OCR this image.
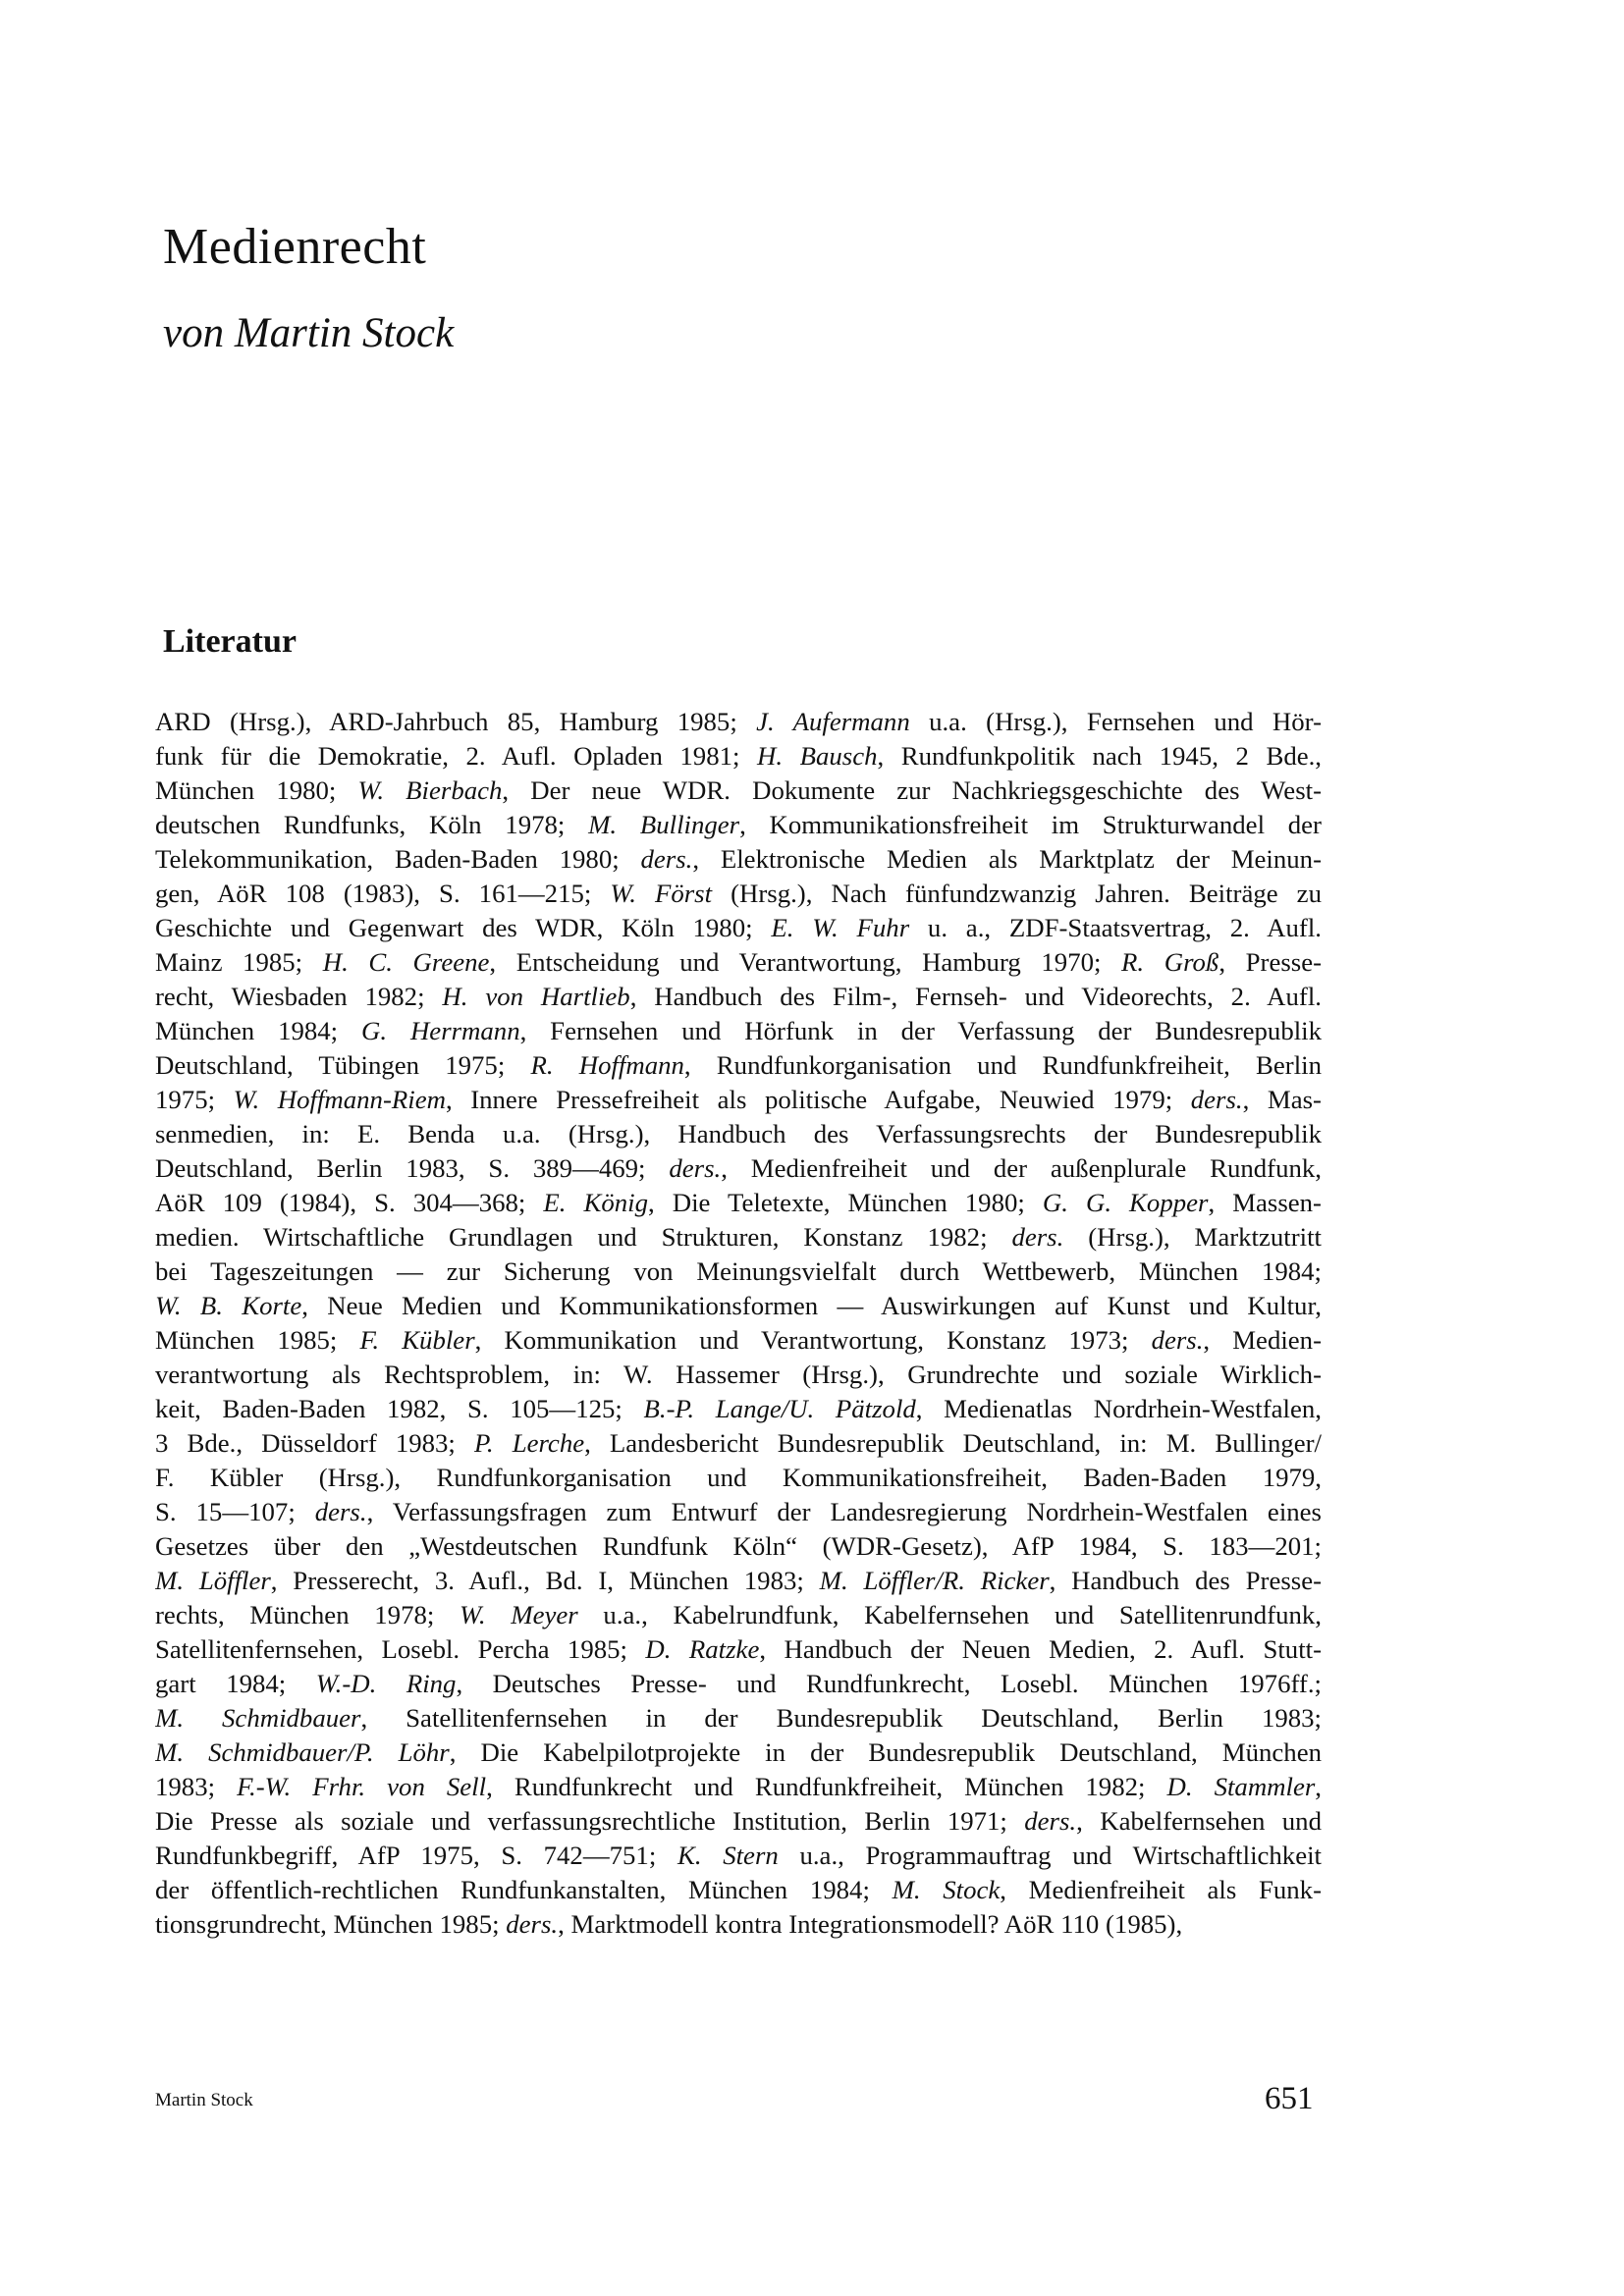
Medienrecht
von Martin Stock
Literatur
ARD (Hrsg.), ARD-Jahrbuch 85, Hamburg 1985; J. Aufermann u.a. (Hrsg.), Fernsehen und Hör-
funk für die Demokratie, 2. Aufl. Opladen 1981; H. Bausch, Rundfunkpolitik nach 1945, 2 Bde.,
München 1980; W. Bierbach, Der neue WDR. Dokumente zur Nachkriegsgeschichte des West-
deutschen Rundfunks, Köln 1978; M. Bullinger, Kommunikationsfreiheit im Strukturwandel der
Telekommunikation, Baden-Baden 1980; ders., Elektronische Medien als Marktplatz der Meinun-
gen, AöR 108 (1983), S. 161—215; W. Först (Hrsg.), Nach fünfundzwanzig Jahren. Beiträge zu
Geschichte und Gegenwart des WDR, Köln 1980; E. W. Fuhr u. a., ZDF-Staatsvertrag, 2. Aufl.
Mainz 1985; H. C. Greene, Entscheidung und Verantwortung, Hamburg 1970; R. Groß, Presse-
recht, Wiesbaden 1982; H. von Hartlieb, Handbuch des Film-, Fernseh- und Videorechts, 2. Aufl.
München 1984; G. Herrmann, Fernsehen und Hörfunk in der Verfassung der Bundesrepublik
Deutschland, Tübingen 1975; R. Hoffmann, Rundfunkorganisation und Rundfunkfreiheit, Berlin
1975; W. Hoffmann-Riem, Innere Pressefreiheit als politische Aufgabe, Neuwied 1979; ders., Mas-
senmedien, in: E. Benda u.a. (Hrsg.), Handbuch des Verfassungsrechts der Bundesrepublik
Deutschland, Berlin 1983, S. 389—469; ders., Medienfreiheit und der außenplurale Rundfunk,
AöR 109 (1984), S. 304—368; E. König, Die Teletexte, München 1980; G. G. Kopper, Massen-
medien. Wirtschaftliche Grundlagen und Strukturen, Konstanz 1982; ders. (Hrsg.), Marktzutritt
bei Tageszeitungen — zur Sicherung von Meinungsvielfalt durch Wettbewerb, München 1984;
W. B. Korte, Neue Medien und Kommunikationsformen — Auswirkungen auf Kunst und Kultur,
München 1985; F. Kübler, Kommunikation und Verantwortung, Konstanz 1973; ders., Medien-
verantwortung als Rechtsproblem, in: W. Hassemer (Hrsg.), Grundrechte und soziale Wirklich-
keit, Baden-Baden 1982, S. 105—125; B.-P. Lange/U. Pätzold, Medienatlas Nordrhein-Westfalen,
3 Bde., Düsseldorf 1983; P. Lerche, Landesbericht Bundesrepublik Deutschland, in: M. Bullinger/
F. Kübler (Hrsg.), Rundfunkorganisation und Kommunikationsfreiheit, Baden-Baden 1979,
S. 15—107; ders., Verfassungsfragen zum Entwurf der Landesregierung Nordrhein-Westfalen eines
Gesetzes über den „Westdeutschen Rundfunk Köln“ (WDR-Gesetz), AfP 1984, S. 183—201;
M. Löffler, Presserecht, 3. Aufl., Bd. I, München 1983; M. Löffler/R. Ricker, Handbuch des Presse-
rechts, München 1978; W. Meyer u.a., Kabelrundfunk, Kabelfernsehen und Satellitenrundfunk,
Satellitenfernsehen, Losebl. Percha 1985; D. Ratzke, Handbuch der Neuen Medien, 2. Aufl. Stutt-
gart 1984; W.-D. Ring, Deutsches Presse- und Rundfunkrecht, Losebl. München 1976ff.;
M. Schmidbauer, Satellitenfernsehen in der Bundesrepublik Deutschland, Berlin 1983;
M. Schmidbauer/P. Löhr, Die Kabelpilotprojekte in der Bundesrepublik Deutschland, München
1983; F.-W. Frhr. von Sell, Rundfunkrecht und Rundfunkfreiheit, München 1982; D. Stammler,
Die Presse als soziale und verfassungsrechtliche Institution, Berlin 1971; ders., Kabelfernsehen und
Rundfunkbegriff, AfP 1975, S. 742—751; K. Stern u.a., Programmauftrag und Wirtschaftlichkeit
der öffentlich-rechtlichen Rundfunkanstalten, München 1984; M. Stock, Medienfreiheit als Funk-
tionsgrundrecht, München 1985; ders., Marktmodell kontra Integrationsmodell? AöR 110 (1985),
Martin Stock	651
